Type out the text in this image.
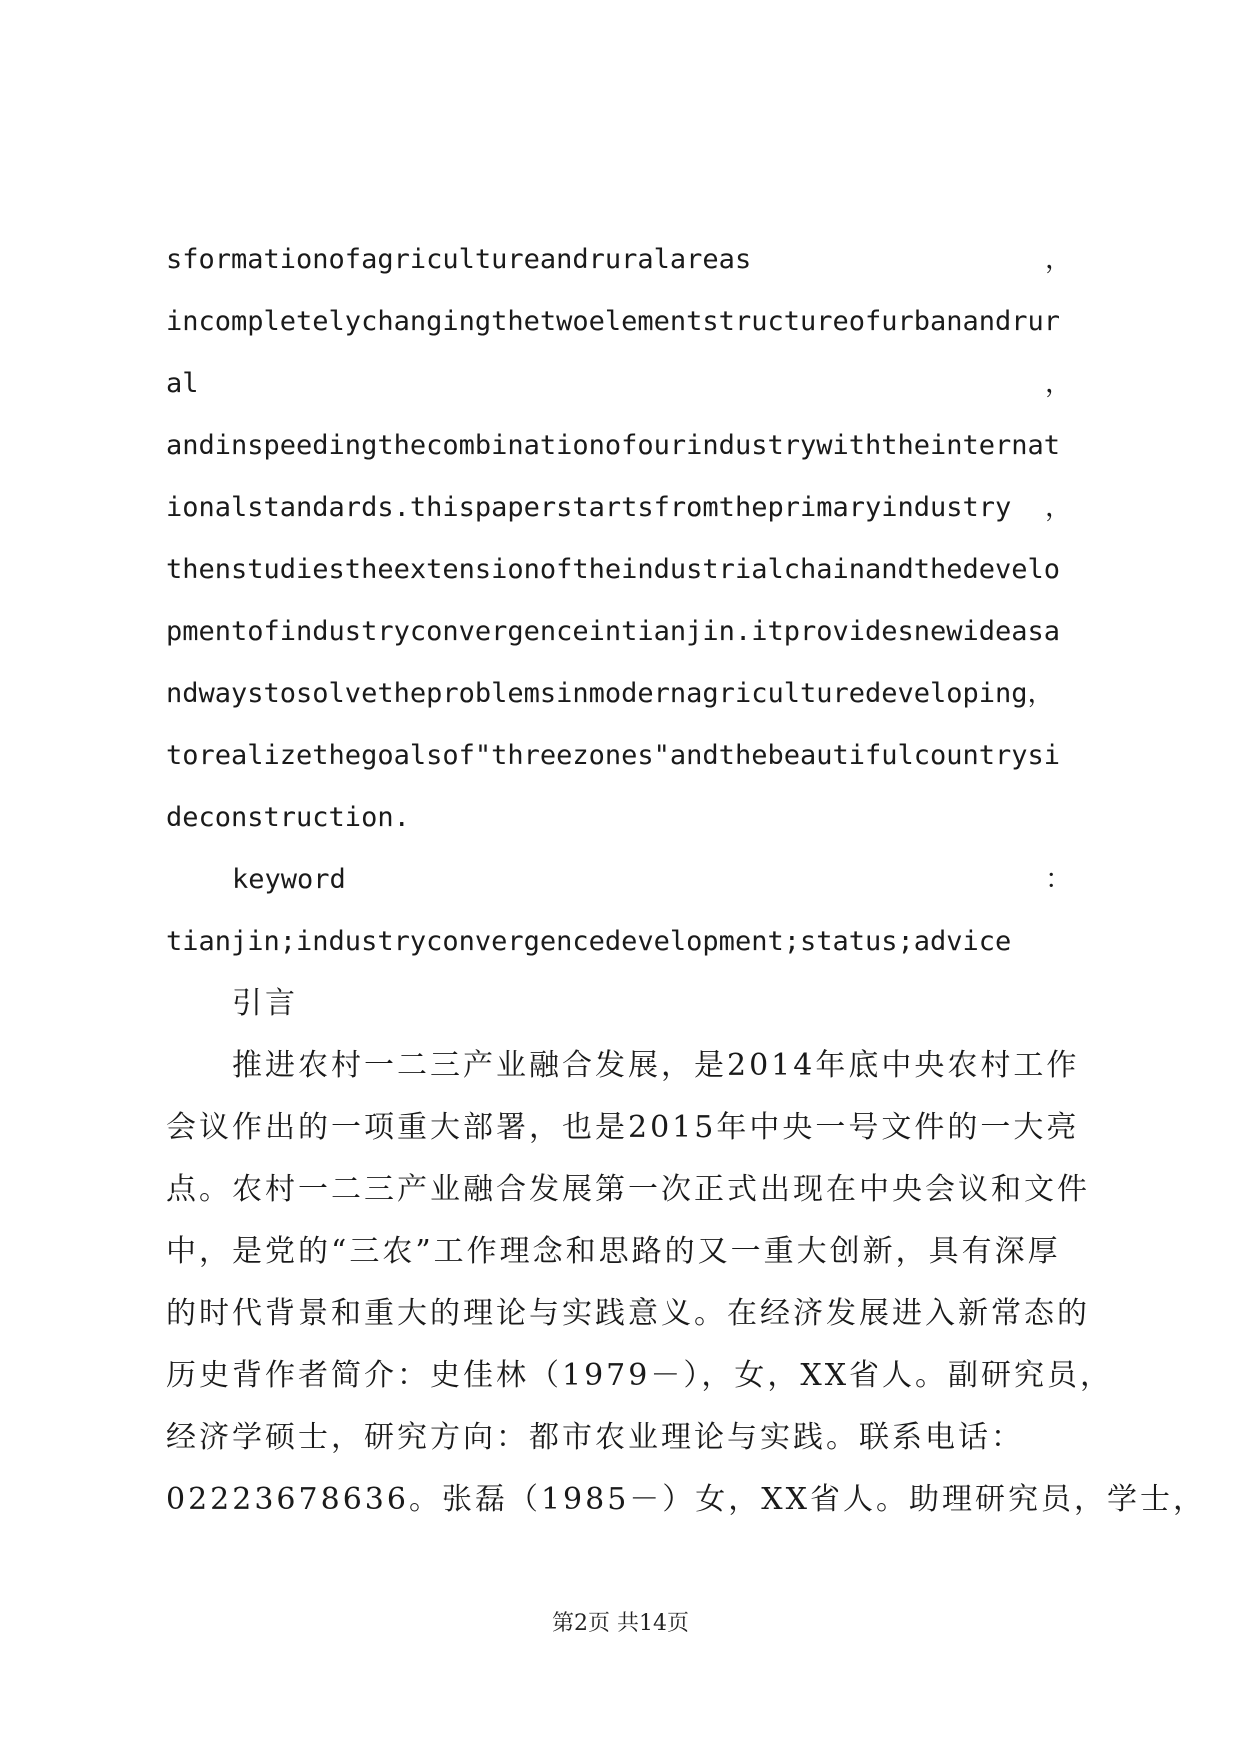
sformationofagricultureandruralareas	，
incompletelychangingthetwoelementstructureofurbanandrur
al	，
andinspeedingthecombinationofourindustrywiththeinternat
ionalstandards.thispaperstartsfromtheprimaryindustry ，
thenstudiestheextensionoftheindustrialchainandthedevelo
pmentofindustryconvergenceintianjin.itprovidesnewideasa
ndwaystosolvetheproblemsinmodernagriculturedeveloping，
torealizethegoalsof"threezones"andthebeautifulcountrysi
deconstruction.
keyword	：
tianjin;industryconvergencedevelopment;status;advice
引言
推进农村一二三产业融合发展，是2014年底中央农村工作
会议作出的一项重大部署，也是2015年中央一号文件的一大亮
点。农村一二三产业融合发展第一次正式出现在中央会议和文件
中，是党的“三农”工作理念和思路的又一重大创新，具有深厚
的时代背景和重大的理论与实践意义。在经济发展进入新常态的
历史背作者简介：史佳林（1979－），女，XX省人。副研究员，
经济学硕士，研究方向：都市农业理论与实践。联系电话：
02223678636。张磊（1985－）女，XX省人。助理研究员，学士，
第2页 共14页
